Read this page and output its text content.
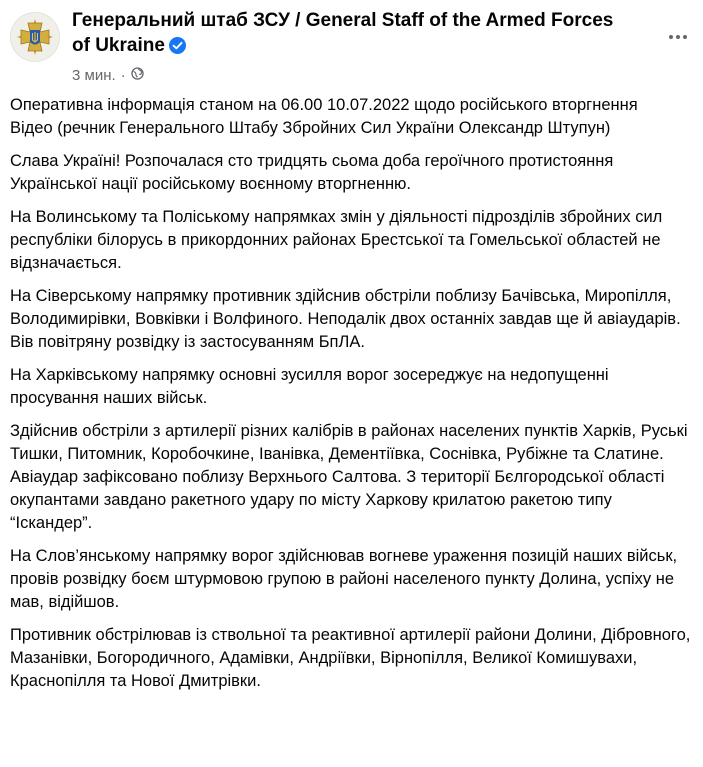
Генеральний штаб ЗСУ / General Staff of the Armed Forces of Ukraine
3 мин. ·

Оперативна інформація станом на 06.00 10.07.2022 щодо російського вторгнення
Відео (речник Генерального Штабу Збройних Сил України Олександр Штупун)

Слава Україні! Розпочалася сто тридцять сьома доба героїчного протистояння Української нації російському воєнному вторгненню.

На Волинському та Поліському напрямках змін у діяльності підрозділів збройних сил республіки білорусь в прикордонних районах Брестської та Гомельської областей не відзначається.

На Сіверському напрямку противник здійснив обстріли поблизу Бачівська, Миропілля, Володимирівки, Вовківки і Волфиного. Неподалік двох останніх завдав ще й авіаударів. Вів повітряну розвідку із застосуванням БпЛА.

На Харківському напрямку основні зусилля ворог зосереджує на недопущенні просування наших військ.

Здійснив обстріли з артилерії різних калібрів в районах населених пунктів Харків, Руські Тишки, Питомник, Коробочкине, Іванівка, Дементіївка, Соснівка, Рубіжне та Слатине. Авіаудар зафіксовано поблизу Верхнього Салтова. З території Бєлгородської області окупантами завдано ракетного удару по місту Харкову крилатою ракетою типу “Іскандер”.

На Слов’янському напрямку ворог здійснював вогневе ураження позицій наших військ, провів розвідку боєм штурмовою групою в районі населеного пункту Долина, успіху не мав, відійшов.

Противник обстрілював із ствольної та реактивної артилерії райони Долини, Дібровного, Мазанівки, Богородичного, Адамівки, Андріївки, Вірнопілля, Великої Комишувахи, Краснопілля та Нової Дмитрівки.
